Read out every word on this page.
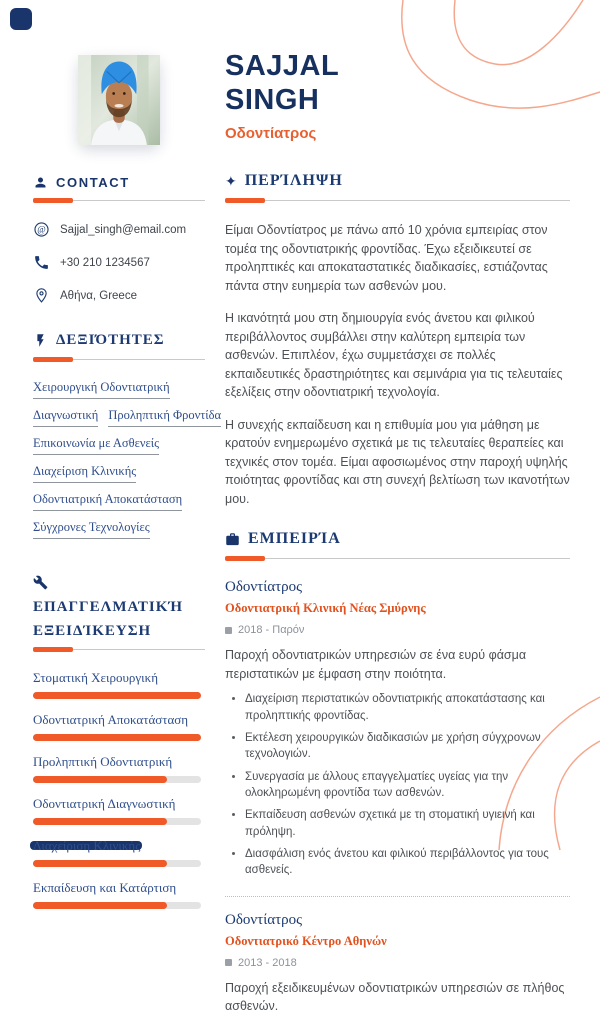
CONTACT
@ Sajjal_singh@email.com
+30 210 1234567
Αθήνα, Greece
ΔΕΞΙΌΤΗΤΕΣ
Χειρουργική Οδοντιατρική
Διαγνωστική Προληπτική Φροντίδα
Επικοινωνία με Ασθενείς
Διαχείριση Κλινικής
Οδοντιατρική Αποκατάσταση
Σύγχρονες Τεχνολογίες
ΕΠΑΓΓΕΛΜΑΤΙΚΉ
ΕΞΕΙΔΊΚΕΥΣΗ
Στοματική Χειρουργική
Οδοντιατρική Αποκατάσταση
Προληπτική Οδοντιατρική
Οδοντιατρική Διαγνωστική
Διαχείριση Κλινικής
Εκπαίδευση και Κατάρτιση
SAJJAL
SINGH
Οδοντίατρος
✦ ΠΕΡΊΛΗΨΗ

Είμαι Οδοντίατρος με πάνω από 10 χρόνια εμπειρίας στον τομέα της οδοντιατρικής φροντίδας. Έχω εξειδικευτεί σε προληπτικές και αποκαταστατικές διαδικασίες, εστιάζοντας πάντα στην ευημερία των ασθενών μου.

Η ικανότητά μου στη δημιουργία ενός άνετου και φιλικού περιβάλλοντος συμβάλλει στην καλύτερη εμπειρία των ασθενών. Επιπλέον, έχω συμμετάσχει σε πολλές εκπαιδευτικές δραστηριότητες και σεμινάρια για τις τελευταίες εξελίξεις στην οδοντιατρική τεχνολογία.

Η συνεχής εκπαίδευση και η επιθυμία μου για μάθηση με κρατούν ενημερωμένο σχετικά με τις τελευταίες θεραπείες και τεχνικές στον τομέα. Είμαι αφοσιωμένος στην παροχή υψηλής ποιότητας φροντίδας και στη συνεχή βελτίωση των ικανοτήτων μου.

ΕΜΠΕΙΡΊΑ
Οδοντίατρος
Οδοντιατρική Κλινική Νέας Σμύρνης
2018 - Παρόν

Παροχή οδοντιατρικών υπηρεσιών σε ένα ευρύ φάσμα περιστατικών με έμφαση στην ποιότητα.

• Διαχείριση περιστατικών οδοντιατρικής αποκατάστασης και προληπτικής φροντίδας.
• Εκτέλεση χειρουργικών διαδικασιών με χρήση σύγχρονων τεχνολογιών.
• Συνεργασία με άλλους επαγγελματίες υγείας για την ολοκληρωμένη φροντίδα των ασθενών.
• Εκπαίδευση ασθενών σχετικά με τη στοματική υγιεινή και πρόληψη.
• Διασφάλιση ενός άνετου και φιλικού περιβάλλοντος για τους ασθενείς.
Οδοντίατρος
Οδοντιατρικό Κέντρο Αθηνών
2013 - 2018

Παροχή εξειδικευμένων οδοντιατρικών υπηρεσιών σε πλήθος ασθενών.
